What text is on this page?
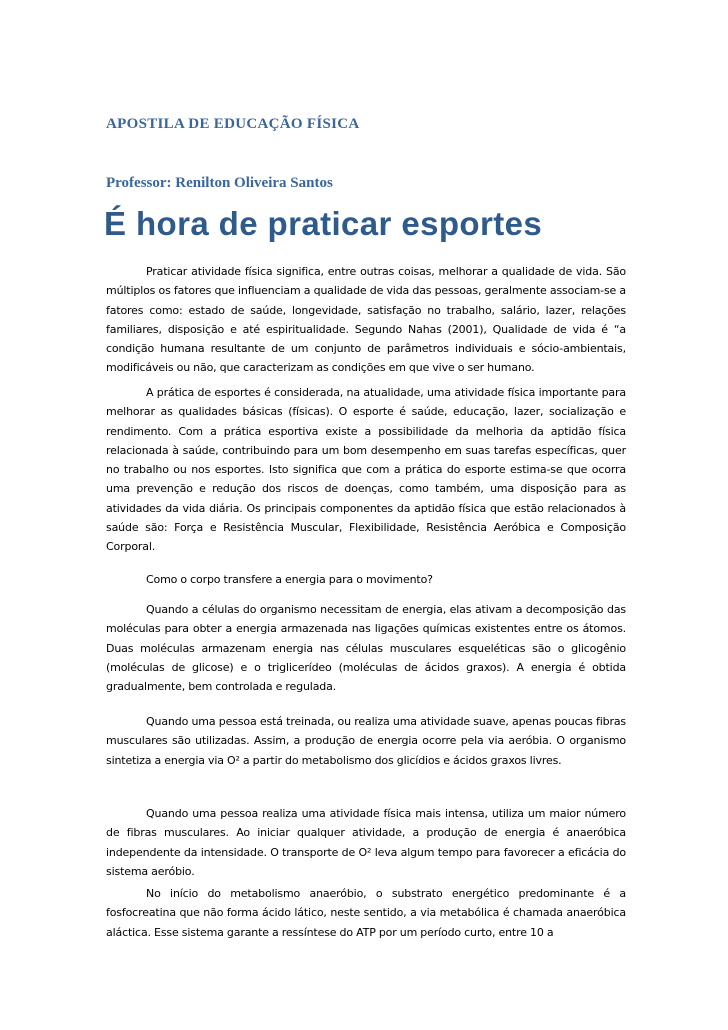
APOSTILA DE EDUCAÇÃO FÍSICA
Professor: Renilton Oliveira Santos
É hora de praticar esportes

Praticar atividade física significa, entre outras coisas, melhorar a qualidade de vida. São múltiplos os fatores que influenciam a qualidade de vida das pessoas, geralmente associam-se a fatores como: estado de saúde, longevidade, satisfação no trabalho, salário, lazer, relações familiares, disposição e até espiritualidade. Segundo Nahas (2001), Qualidade de vida é “a condição humana resultante de um conjunto de parâmetros individuais e sócio-ambientais, modificáveis ou não, que caracterizam as condições em que vive o ser humano.

A prática de esportes é considerada, na atualidade, uma atividade física importante para melhorar as qualidades básicas (físicas). O esporte é saúde, educação, lazer, socialização e rendimento. Com a prática esportiva existe a possibilidade da melhoria da aptidão física relacionada à saúde, contribuindo para um bom desempenho em suas tarefas específicas, quer no trabalho ou nos esportes. Isto significa que com a prática do esporte estima-se que ocorra uma prevenção e redução dos riscos de doenças, como também, uma disposição para as atividades da vida diária. Os principais componentes da aptidão física que estão relacionados à saúde são: Força e Resistência Muscular, Flexibilidade, Resistência Aeróbica e Composição Corporal.

Como o corpo transfere a energia para o movimento?

Quando a células do organismo necessitam de energia, elas ativam a decomposição das moléculas para obter a energia armazenada nas ligações químicas existentes entre os átomos. Duas moléculas armazenam energia nas células musculares esqueléticas são o glicogênio (moléculas de glicose) e o triglicerídeo (moléculas de ácidos graxos). A energia é obtida gradualmente, bem controlada e regulada.

Quando uma pessoa está treinada, ou realiza uma atividade suave, apenas poucas fibras musculares são utilizadas. Assim, a produção de energia ocorre pela via aeróbia. O organismo sintetiza a energia via O² a partir do metabolismo dos glicídios e ácidos graxos livres.

Quando uma pessoa realiza uma atividade física mais intensa, utiliza um maior número de fibras musculares. Ao iniciar qualquer atividade, a produção de energia é anaeróbica independente da intensidade. O transporte de O² leva algum tempo para favorecer a eficácia do sistema aeróbio.

No início do metabolismo anaeróbio, o substrato energético predominante é a fosfocreatina que não forma ácido lático, neste sentido, a via metabólica é chamada anaeróbica aláctica. Esse sistema garante a ressíntese do ATP por um período curto, entre 10 a
